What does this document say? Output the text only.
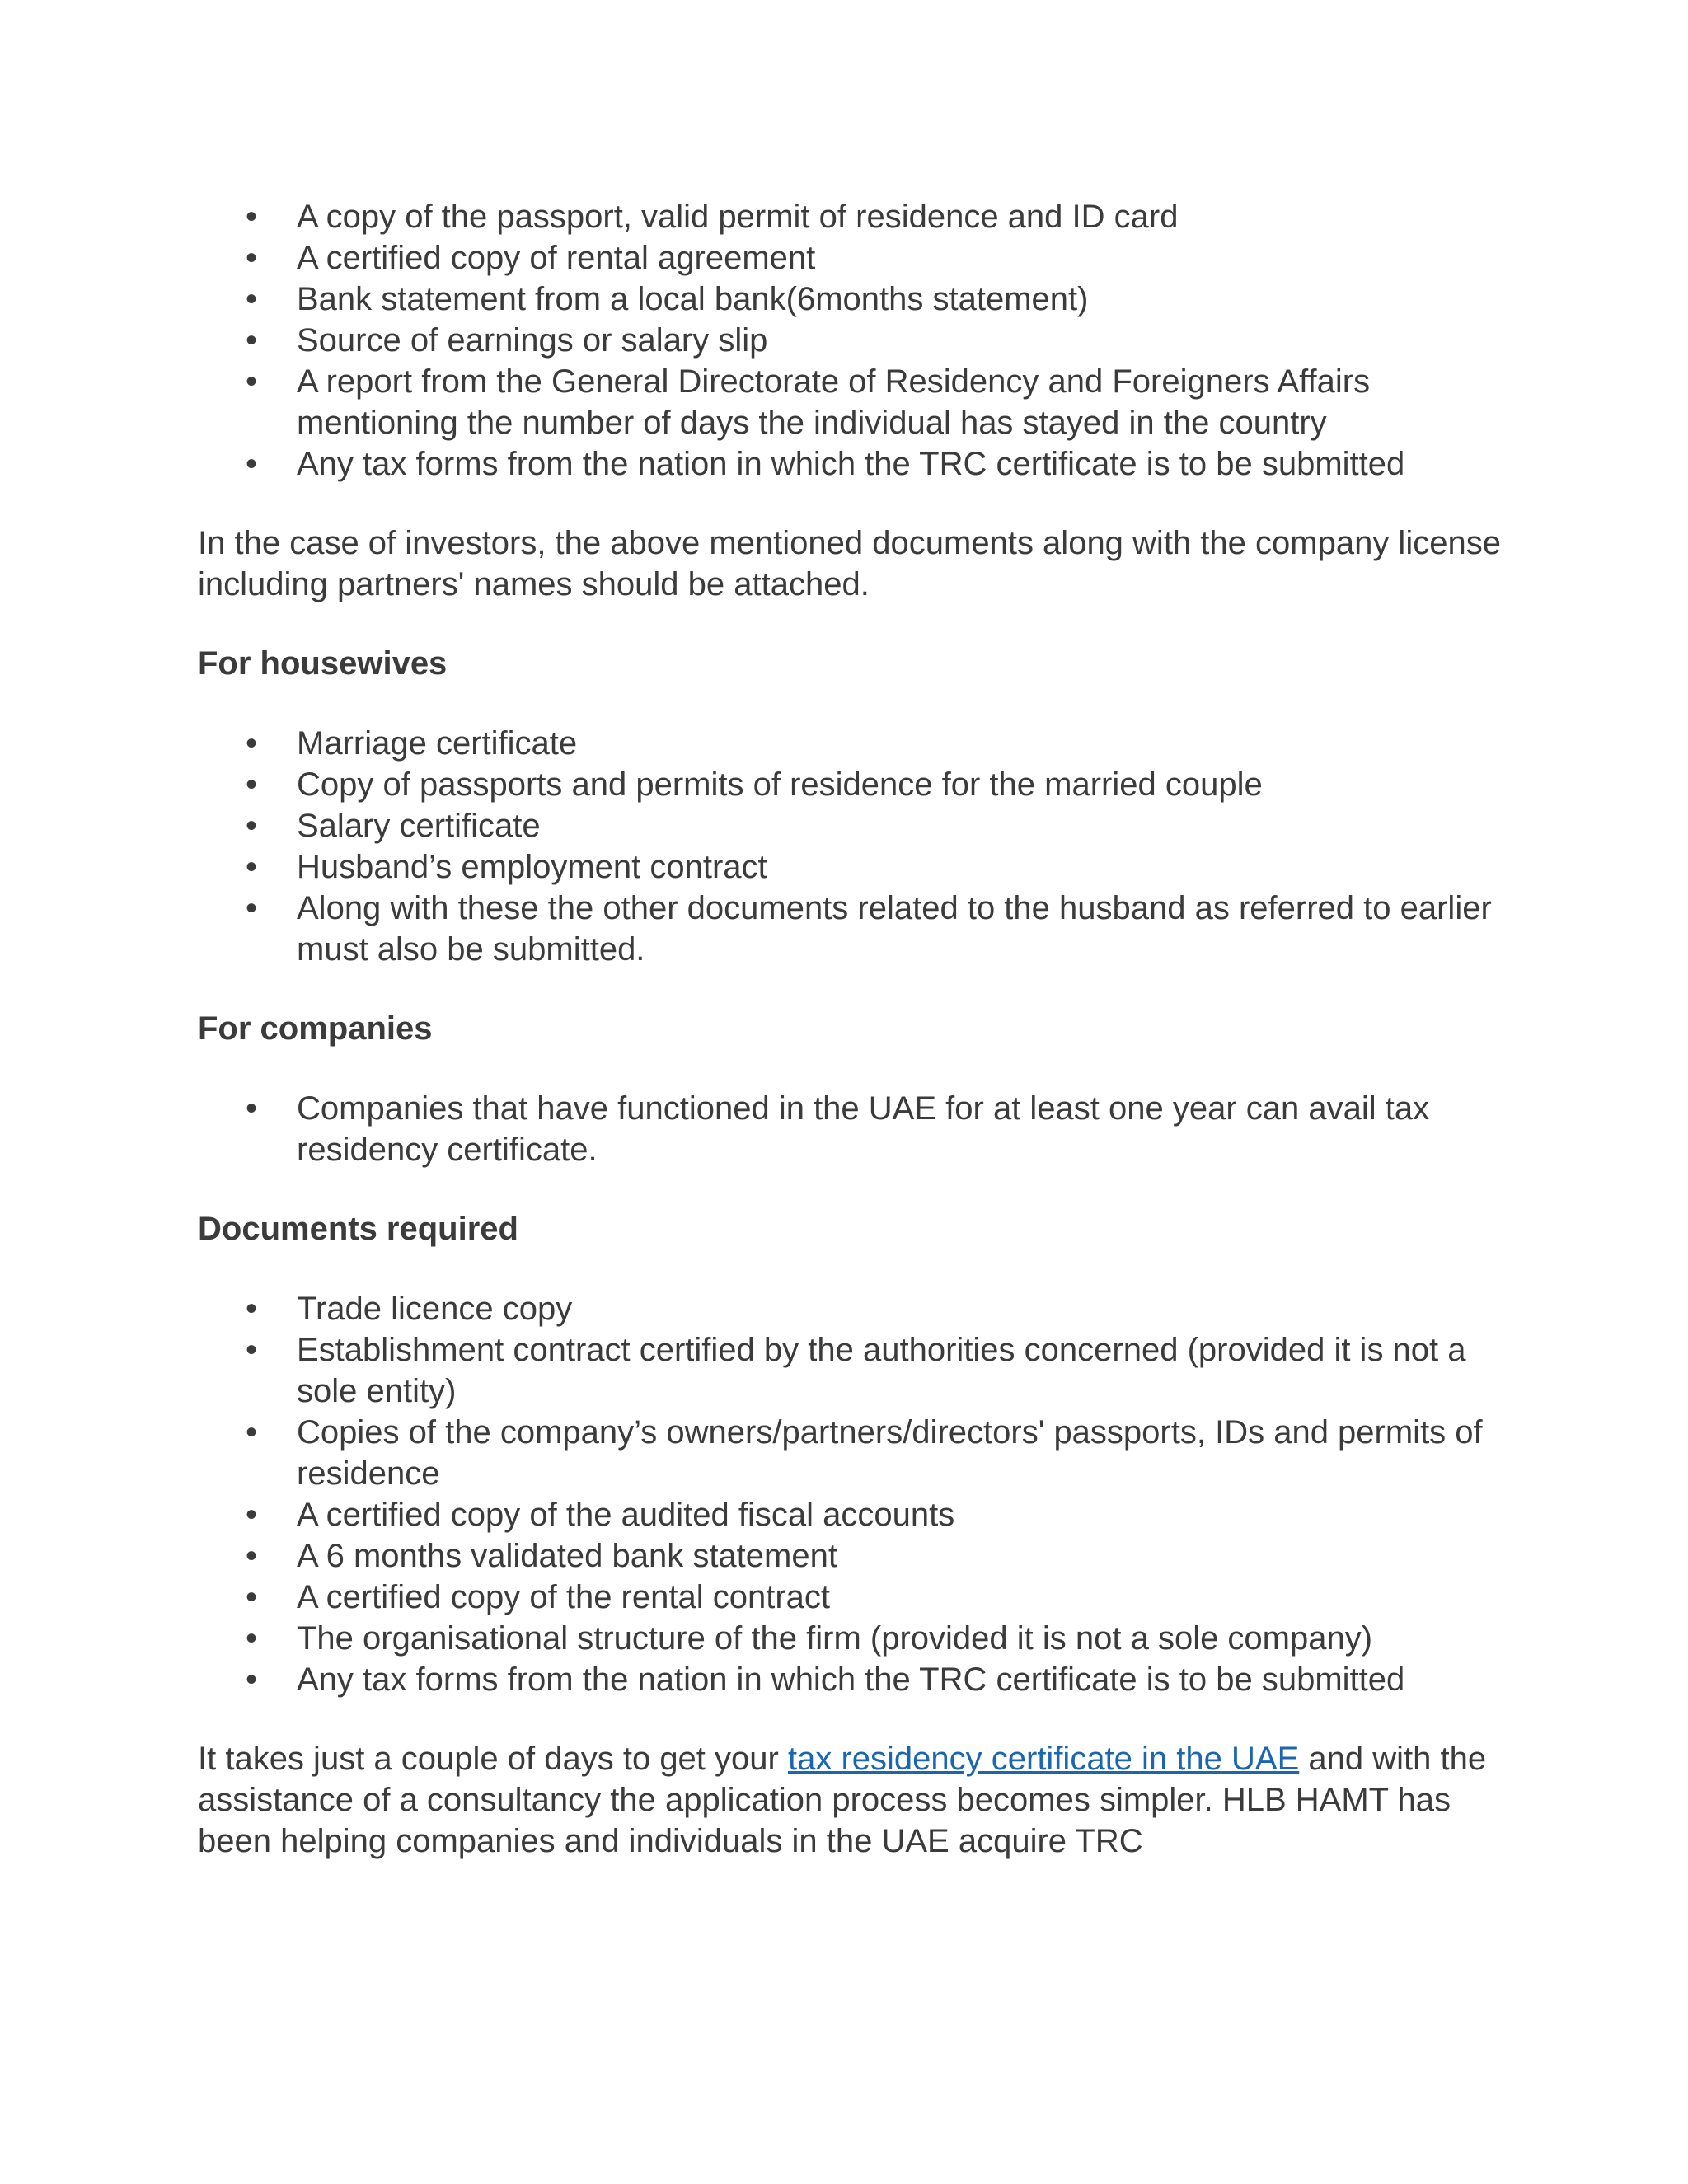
• A copy of the passport, valid permit of residence and ID card
• A certified copy of rental agreement
• Bank statement from a local bank(6months statement)
• Source of earnings or salary slip
• A report from the General Directorate of Residency and Foreigners Affairs mentioning the number of days the individual has stayed in the country
• Any tax forms from the nation in which the TRC certificate is to be submitted

In the case of investors, the above mentioned documents along with the company license including partners' names should be attached.

For housewives
• Marriage certificate
• Copy of passports and permits of residence for the married couple
• Salary certificate
• Husband’s employment contract
• Along with these the other documents related to the husband as referred to earlier must also be submitted.
For companies
• Companies that have functioned in the UAE for at least one year can avail tax residency certificate.
Documents required
• Trade licence copy
• Establishment contract certified by the authorities concerned (provided it is not a sole entity)
• Copies of the company’s owners/partners/directors' passports, IDs and permits of residence
• A certified copy of the audited fiscal accounts
• A 6 months validated bank statement
• A certified copy of the rental contract
• The organisational structure of the firm (provided it is not a sole company)
• Any tax forms from the nation in which the TRC certificate is to be submitted

It takes just a couple of days to get your tax residency certificate in the UAE and with the assistance of a consultancy the application process becomes simpler. HLB HAMT has been helping companies and individuals in the UAE acquire TRC
